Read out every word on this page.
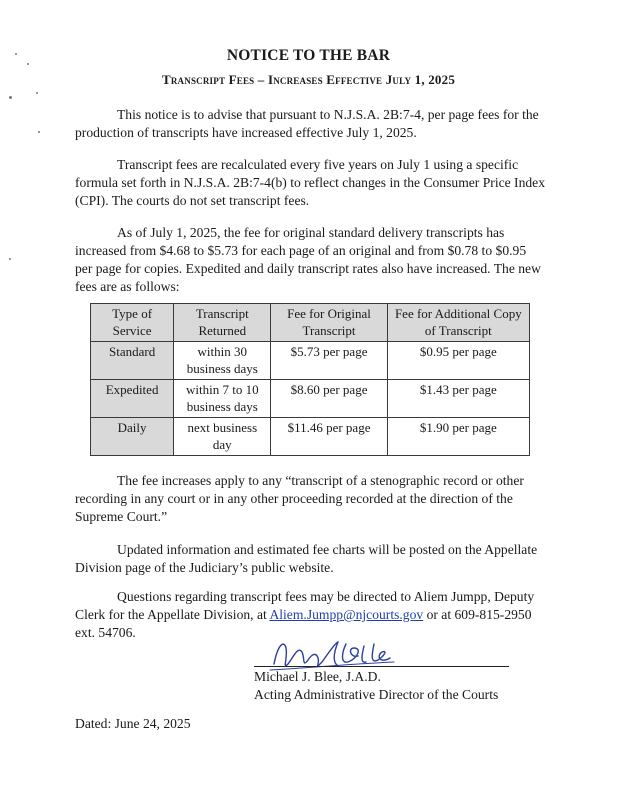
NOTICE TO THE BAR
Transcript Fees – Increases Effective July 1, 2025

This notice is to advise that pursuant to N.J.S.A. 2B:7-4, per page fees for the production of transcripts have increased effective July 1, 2025.

Transcript fees are recalculated every five years on July 1 using a specific formula set forth in N.J.S.A. 2B:7-4(b) to reflect changes in the Consumer Price Index (CPI). The courts do not set transcript fees.

As of July 1, 2025, the fee for original standard delivery transcripts has increased from $4.68 to $5.73 for each page of an original and from $0.78 to $0.95 per page for copies. Expedited and daily transcript rates also have increased. The new fees are as follows:

Type of Service	Transcript Returned	Fee for Original Transcript	Fee for Additional Copy of Transcript
Standard	within 30 business days	$5.73 per page	$0.95 per page
Expedited	within 7 to 10 business days	$8.60 per page	$1.43 per page
Daily	next business day	$11.46 per page	$1.90 per page

The fee increases apply to any “transcript of a stenographic record or other recording in any court or in any other proceeding recorded at the direction of the Supreme Court.”

Updated information and estimated fee charts will be posted on the Appellate Division page of the Judiciary’s public website.

Questions regarding transcript fees may be directed to Aliem Jumpp, Deputy Clerk for the Appellate Division, at Aliem.Jumpp@njcourts.gov or at 609-815-2950 ext. 54706.

Michael J. Blee, J.A.D.
Acting Administrative Director of the Courts
Dated: June 24, 2025
